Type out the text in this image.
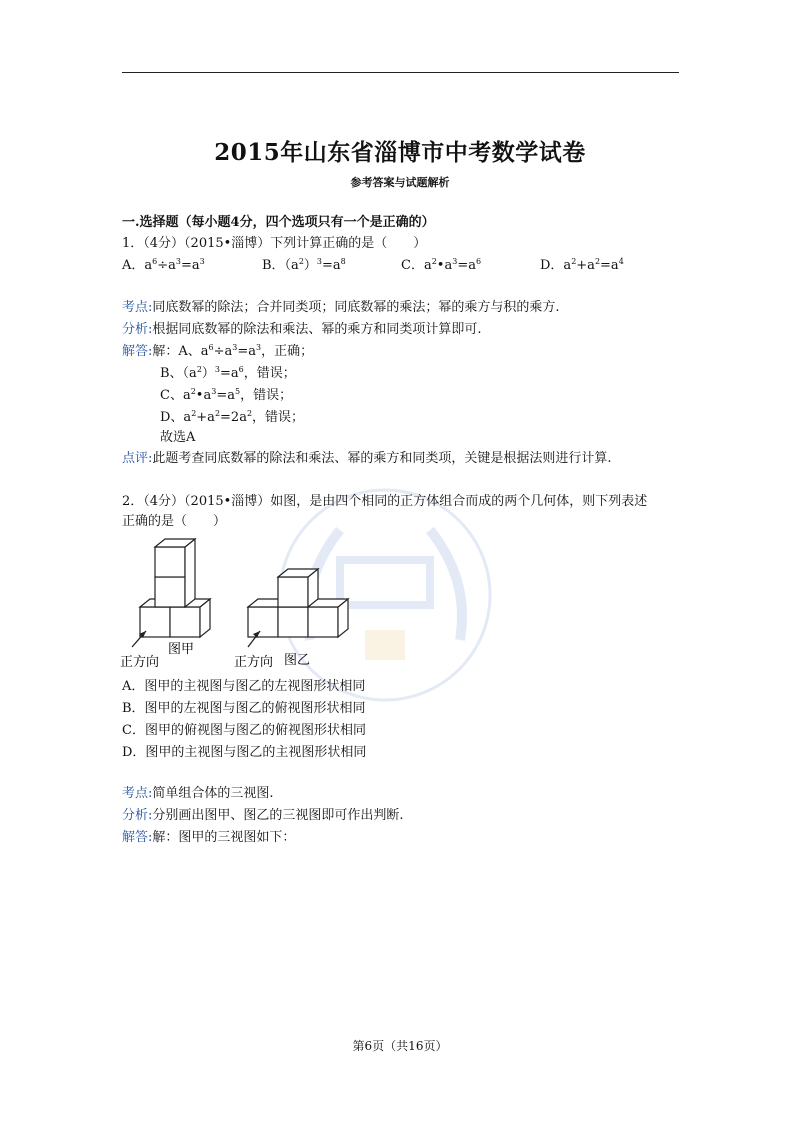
2015年山东省淄博市中考数学试卷
参考答案与试题解析
一.选择题（每小题4分，四个选项只有一个是正确的）
1．（4分）（2015•淄博）下列计算正确的是（　　）
A．$a^6\div a^3=a^3$	B．$(a^2)^3=a^8$	C．$a^2•a^3=a^6$	D．$a^2+a^2=a^4$
考点:同底数幂的除法；合并同类项；同底数幂的乘法；幂的乘方与积的乘方.
分析:根据同底数幂的除法和乘法、幂的乘方和同类项计算即可.
解答:解：A、$a^6\div a^3=a^3$，正确；
B、$(a^2)^3=a^6$，错误；
C、$a^2•a^3=a^5$，错误；
D、$a^2+a^2=2a^2$，错误；
故选A
点评:此题考查同底数幂的除法和乘法、幂的乘方和同类项，关键是根据法则进行计算.
2．（4分）（2015•淄博）如图，是由四个相同的正方体组合而成的两个几何体，则下列表述
正确的是（　　）
正方向
图甲
正方向 图乙
A．图甲的主视图与图乙的左视图形状相同
B．图甲的左视图与图乙的俯视图形状相同
C．图甲的俯视图与图乙的俯视图形状相同
D．图甲的主视图与图乙的主视图形状相同
考点:简单组合体的三视图.
分析:分别画出图甲、图乙的三视图即可作出判断.
解答:解：图甲的三视图如下：
第6页（共16页）
